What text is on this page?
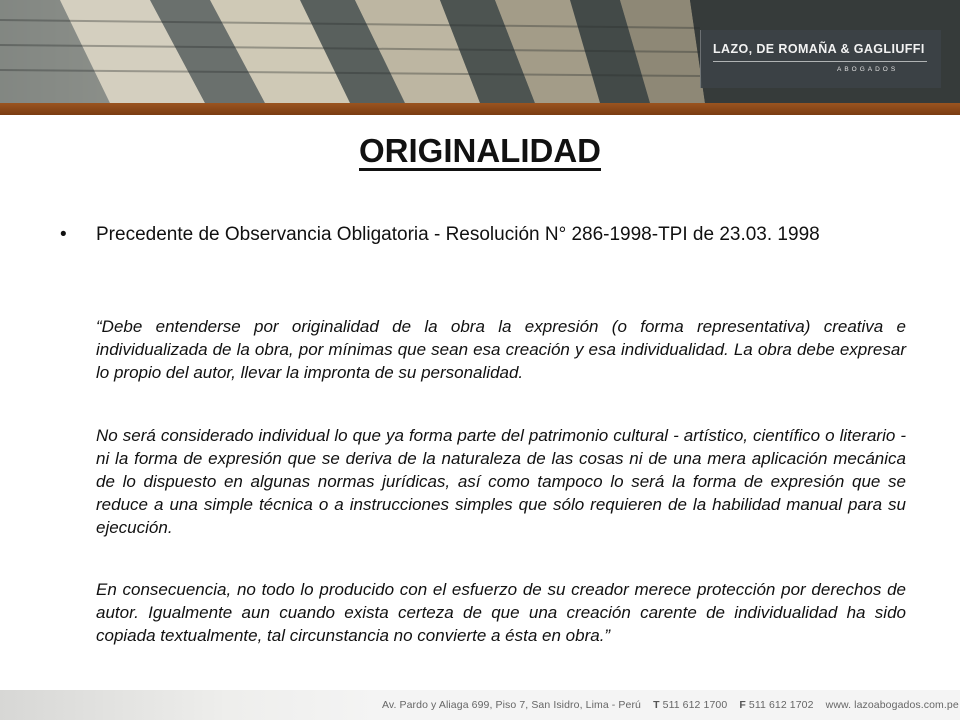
LAZO, DE ROMAÑA & GAGLIUFFI
ABOGADOS
ORIGINALIDAD
• Precedente de Observancia Obligatoria - Resolución N° 286-1998-TPI de 23.03. 1998
“Debe entenderse por originalidad de la obra la expresión (o forma representativa) creativa e individualizada de la obra, por mínimas que sean esa creación y esa individualidad. La obra debe expresar lo propio del autor, llevar la impronta de su personalidad.
No será considerado individual lo que ya forma parte del patrimonio cultural - artístico, científico o literario - ni la forma de expresión que se deriva de la naturaleza de las cosas ni de una mera aplicación mecánica de lo dispuesto en algunas normas jurídicas, así como tampoco lo será la forma de expresión que se reduce a una simple técnica o a instrucciones simples que sólo requieren de la habilidad manual para su ejecución.
En consecuencia, no todo lo producido con el esfuerzo de su creador merece protección por derechos de autor. Igualmente aun cuando exista certeza de que una creación carente de individualidad ha sido copiada textualmente, tal circunstancia no convierte a ésta en obra.”
Av. Pardo y Aliaga 699, Piso 7, San Isidro, Lima - Perú T 511 612 1700 F 511 612 1702 www. lazoabogados.com.pe
